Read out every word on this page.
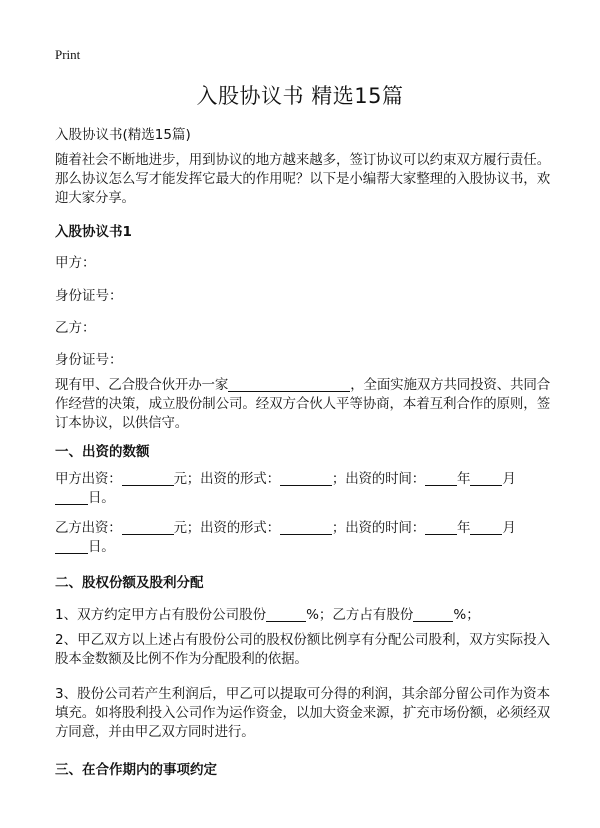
Print
入股协议书 精选15篇
入股协议书(精选15篇)
随着社会不断地进步，用到协议的地方越来越多，签订协议可以约束双方履行责任。那么协议怎么写才能发挥它最大的作用呢？以下是小编帮大家整理的入股协议书，欢迎大家分享。
入股协议书1
甲方：
身份证号：
乙方：
身份证号：
现有甲、乙合股合伙开办一家	，全面实施双方共同投资、共同合作经营的决策，成立股份制公司。经双方合伙人平等协商，本着互利合作的原则，签订本协议，以供信守。
一、出资的数额
甲方出资：	元；出资的形式：	；出资的时间： 年 月
日。
乙方出资：	元；出资的形式：	；出资的时间： 年 月
日。
二、股权份额及股利分配
1、双方约定甲方占有股份公司股份	%；乙方占有股份	%；
2、甲乙双方以上述占有股份公司的股权份额比例享有分配公司股利，双方实际投入股本金数额及比例不作为分配股利的依据。
3、股份公司若产生利润后，甲乙可以提取可分得的利润，其余部分留公司作为资本填充。如将股利投入公司作为运作资金，以加大资金来源，扩充市场份额，必须经双方同意，并由甲乙双方同时进行。
三、在合作期内的事项约定
